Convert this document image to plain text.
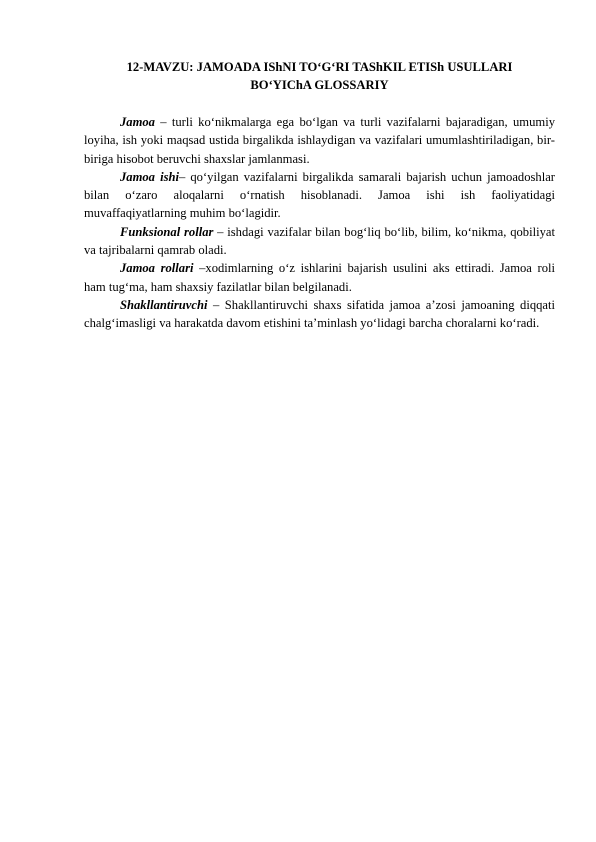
12-MAVZU: JAMOADA IShNI TO‘G‘RI TAShKIL ETISh USULLARI
BO‘YIChA GLOSSARIY

Jamoa – turli ko‘nikmalarga ega bo‘lgan va turli vazifalarni bajaradigan, umumiy loyiha, ish yoki maqsad ustida birgalikda ishlaydigan va vazifalari umumlashtiriladigan, bir-biriga hisobot beruvchi shaxslar jamlanmasi.

Jamoa ishi– qo‘yilgan vazifalarni birgalikda samarali bajarish uchun jamoadoshlar bilan o‘zaro aloqalarni o‘rnatish hisoblanadi. Jamoa ishi ish faoliyatidagi muvaffaqiyatlarning muhim bo‘lagidir.

Funksional rollar – ishdagi vazifalar bilan bog‘liq bo‘lib, bilim, ko‘nikma, qobiliyat va tajribalarni qamrab oladi.

Jamoa rollari –xodimlarning o‘z ishlarini bajarish usulini aks ettiradi. Jamoa roli ham tug‘ma, ham shaxsiy fazilatlar bilan belgilanadi.

Shakllantiruvchi – Shakllantiruvchi shaxs sifatida jamoa a’zosi jamoaning diqqati chalg‘imasligi va harakatda davom etishini ta’minlash yo‘lidagi barcha choralarni ko‘radi.
